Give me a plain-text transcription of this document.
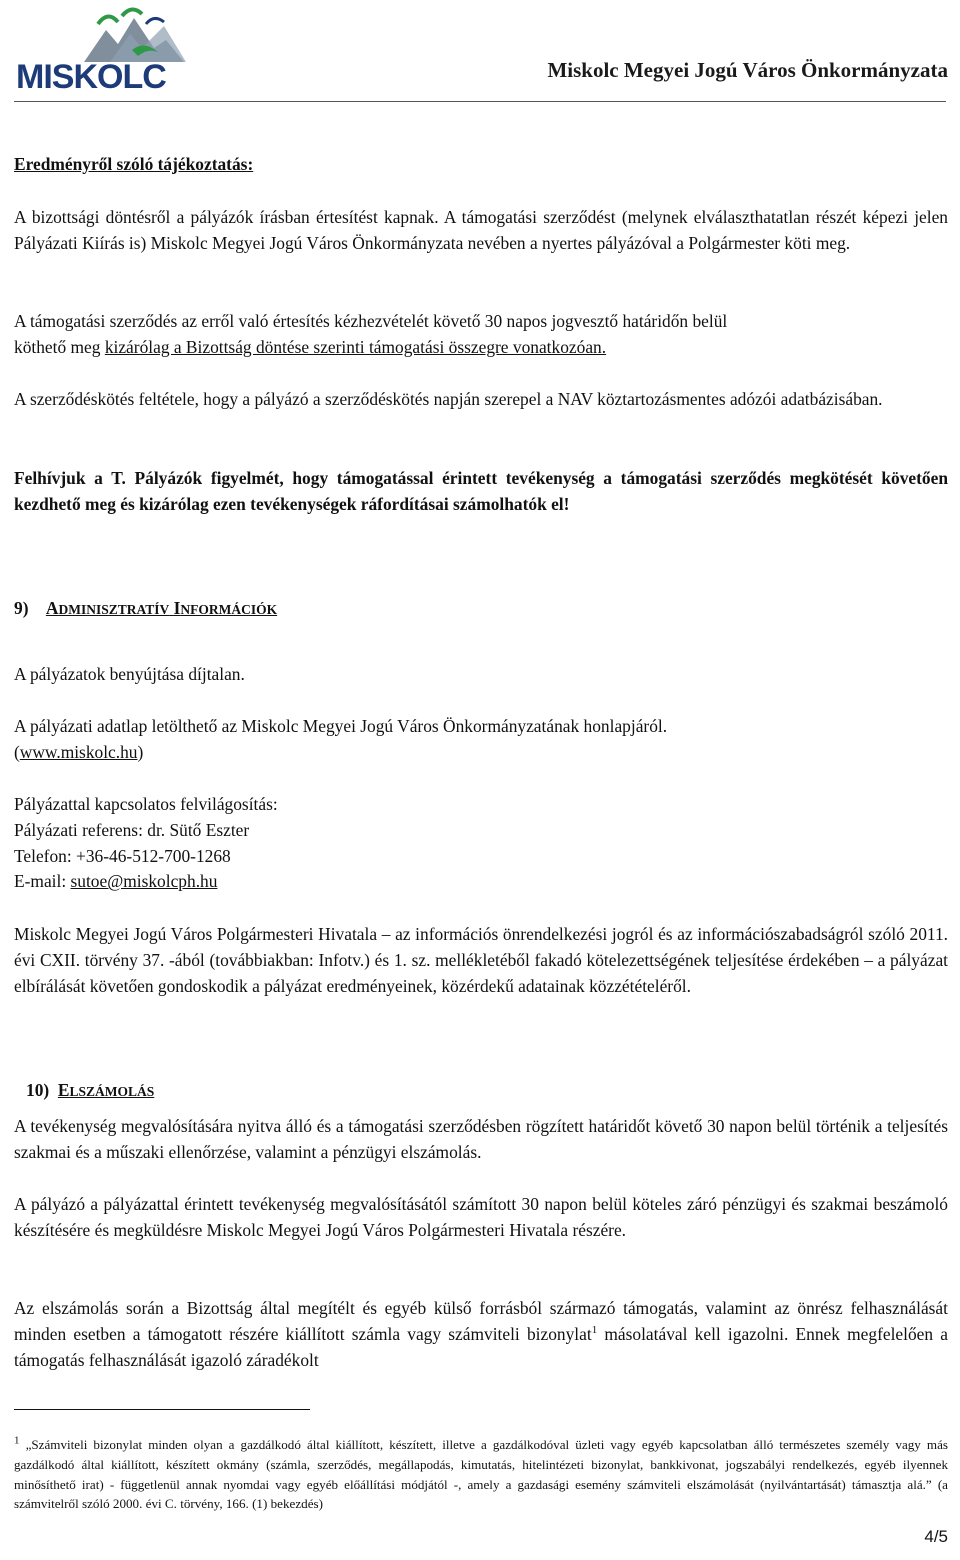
MISKOLC	Miskolc Megyei Jogú Város Önkormányzata

Eredményről szóló tájékoztatás:

A bizottsági döntésről a pályázók írásban értesítést kapnak. A támogatási szerződést (melynek elválaszthatatlan részét képezi jelen Pályázati Kiírás is) Miskolc Megyei Jogú Város Önkormányzata nevében a nyertes pályázóval a Polgármester köti meg.

A támogatási szerződés az erről való értesítés kézhezvételét követő 30 napos jogvesztő határidőn belül
köthető meg kizárólag a Bizottság döntése szerinti támogatási összegre vonatkozóan.

A szerződéskötés feltétele, hogy a pályázó a szerződéskötés napján szerepel a NAV köztartozásmentes adózói adatbázisában.

Felhívjuk a T. Pályázók figyelmét, hogy támogatással érintett tevékenység a támogatási szerződés megkötését követően kezdhető meg és kizárólag ezen tevékenységek ráfordításai számolhatók el!

9) ADMINISZTRATÍV INFORMÁCIÓK

A pályázatok benyújtása díjtalan.

A pályázati adatlap letölthető az Miskolc Megyei Jogú Város Önkormányzatának honlapjáról.
(www.miskolc.hu)

Pályázattal kapcsolatos felvilágosítás:
Pályázati referens: dr. Sütő Eszter
Telefon: +36-46-512-700-1268
E-mail: sutoe@miskolcph.hu

Miskolc Megyei Jogú Város Polgármesteri Hivatala – az információs önrendelkezési jogról és az információszabadságról szóló 2011. évi CXII. törvény 37. -ából (továbbiakban: Infotv.) és 1. sz. mellékletéből fakadó kötelezettségének teljesítése érdekében – a pályázat elbírálását követően gondoskodik a pályázat eredményeinek, közérdekű adatainak közzétételéről.

10) ELSZÁMOLÁS

A tevékenység megvalósítására nyitva álló és a támogatási szerződésben rögzített határidőt követő 30 napon belül történik a teljesítés szakmai és a műszaki ellenőrzése, valamint a pénzügyi elszámolás.

A pályázó a pályázattal érintett tevékenység megvalósításától számított 30 napon belül köteles záró pénzügyi és szakmai beszámoló készítésére és megküldésre Miskolc Megyei Jogú Város Polgármesteri Hivatala részére.

Az elszámolás során a Bizottság által megítélt és egyéb külső forrásból származó támogatás, valamint az önrész felhasználását minden esetben a támogatott részére kiállított számla vagy számviteli bizonylat$^1$ másolatával kell igazolni. Ennek megfelelően a támogatás felhasználását igazoló záradékolt

$^1$ „Számviteli bizonylat minden olyan a gazdálkodó által kiállított, készített, illetve a gazdálkodóval üzleti vagy egyéb kapcsolatban álló természetes személy vagy más gazdálkodó által kiállított, készített okmány (számla, szerződés, megállapodás, kimutatás, hitelintézeti bizonylat, bankkivonat, jogszabályi rendelkezés, egyéb ilyennek minősíthető irat) - függetlenül annak nyomdai vagy egyéb előállítási módjától -, amely a gazdasági esemény számviteli elszámolását (nyilvántartását) támasztja alá.” (a számvitelről szóló 2000. évi C. törvény, 166. (1) bekezdés)

4/5
